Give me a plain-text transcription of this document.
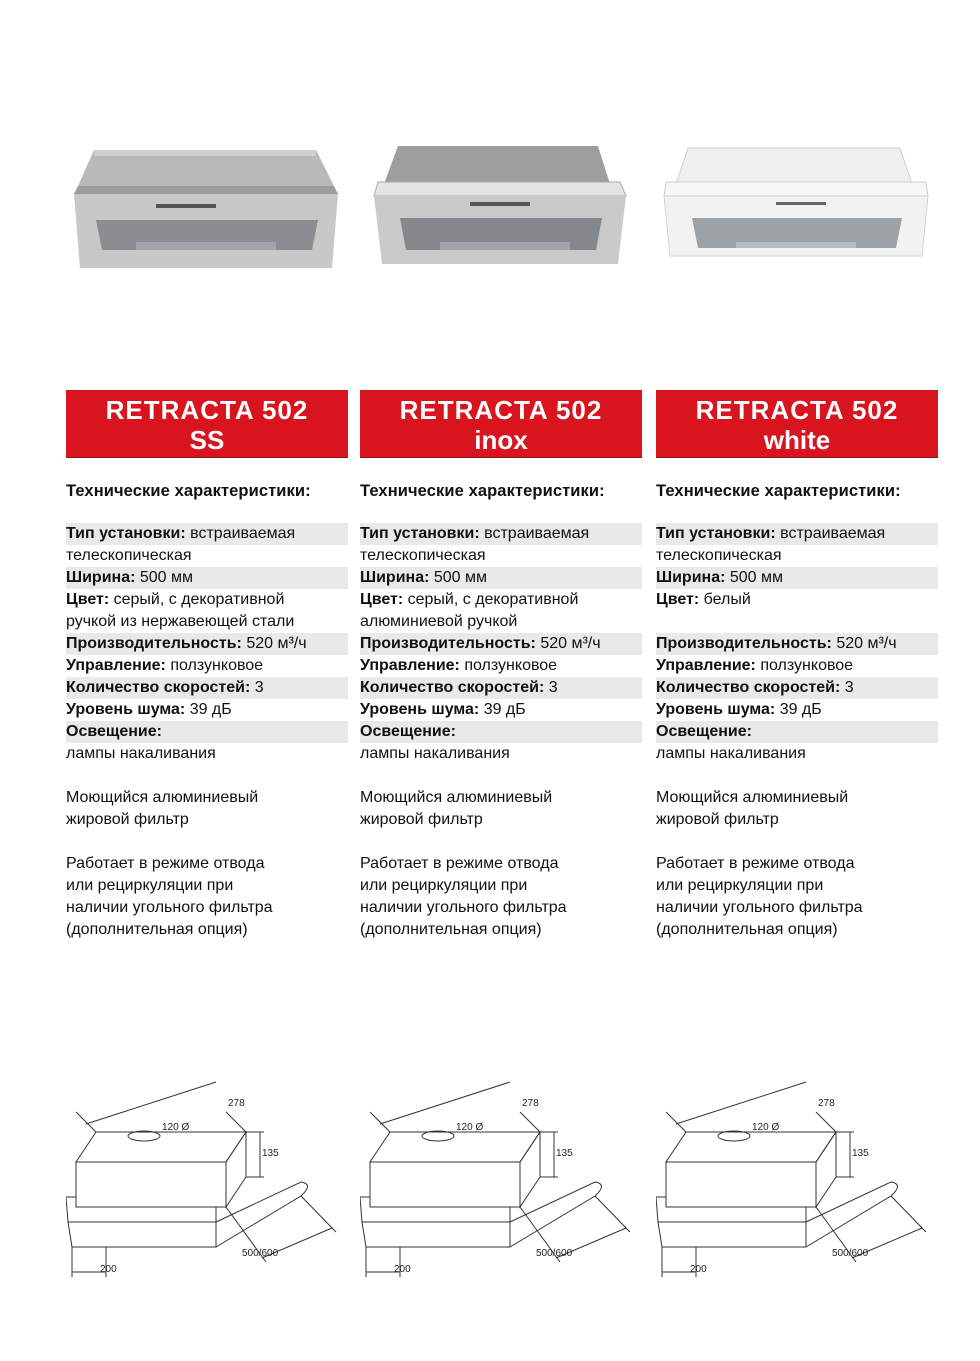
RETRACTA 502
SS
Технические характеристики:
Тип установки: встраиваемая
телескопическая
Ширина: 500 мм
Цвет: серый, с декоративной
ручкой из нержавеющей стали
Производительность: 520 м³/ч
Управление: ползунковое
Количество скоростей: 3
Уровень шума: 39 дБ
Освещение:
лампы накаливания
Моющийся алюминиевый
жировой фильтр
Работает в режиме отвода
или рециркуляции при
наличии угольного фильтра
(дополнительная опция)
278
135
120 Ø
500/600
200
RETRACTA 502
inox
Технические характеристики:
Тип установки: встраиваемая
телескопическая
Ширина: 500 мм
Цвет: серый, с декоративной
алюминиевой ручкой
Производительность: 520 м³/ч
Управление: ползунковое
Количество скоростей: 3
Уровень шума: 39 дБ
Освещение:
лампы накаливания
Моющийся алюминиевый
жировой фильтр
Работает в режиме отвода
или рециркуляции при
наличии угольного фильтра
(дополнительная опция)
278
135
120 Ø
500/600
200
RETRACTA 502
white
Технические характеристики:
Тип установки: встраиваемая
телескопическая
Ширина: 500 мм
Цвет: белый
Производительность: 520 м³/ч
Управление: ползунковое
Количество скоростей: 3
Уровень шума: 39 дБ
Освещение:
лампы накаливания
Моющийся алюминиевый
жировой фильтр
Работает в режиме отвода
или рециркуляции при
наличии угольного фильтра
(дополнительная опция)
278
135
120 Ø
500/600
200
